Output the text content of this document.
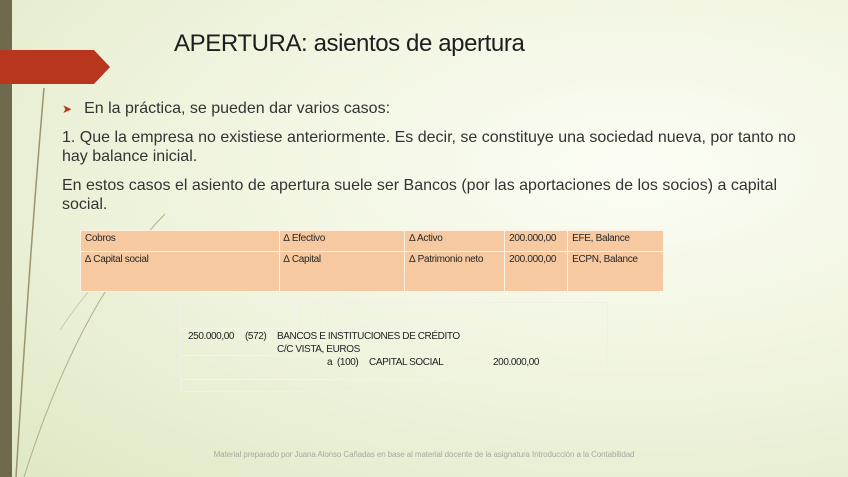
APERTURA: asientos de apertura
➤ En la práctica, se pueden dar varios casos:

1. Que la empresa no existiese anteriormente. Es decir, se constituye una sociedad nueva, por tanto no hay balance inicial.

En estos casos el asiento de apertura suele ser Bancos (por las aportaciones de los socios) a capital social.

Cobros	∆ Efectivo	∆ Activo	200.000,00	EFE, Balance
∆ Capital social	∆ Capital	∆ Patrimonio neto	200.000,00	ECPN, Balance
250.000,00 (572) BANCOS E INSTITUCIONES DE CRÉDITO
C/C VISTA, EUROS
a (100) CAPITAL SOCIAL	200.000,00
Material preparado por Juana Alonso Cañadas en base al material docente de la asignatura Introducción a la Contabilidad
